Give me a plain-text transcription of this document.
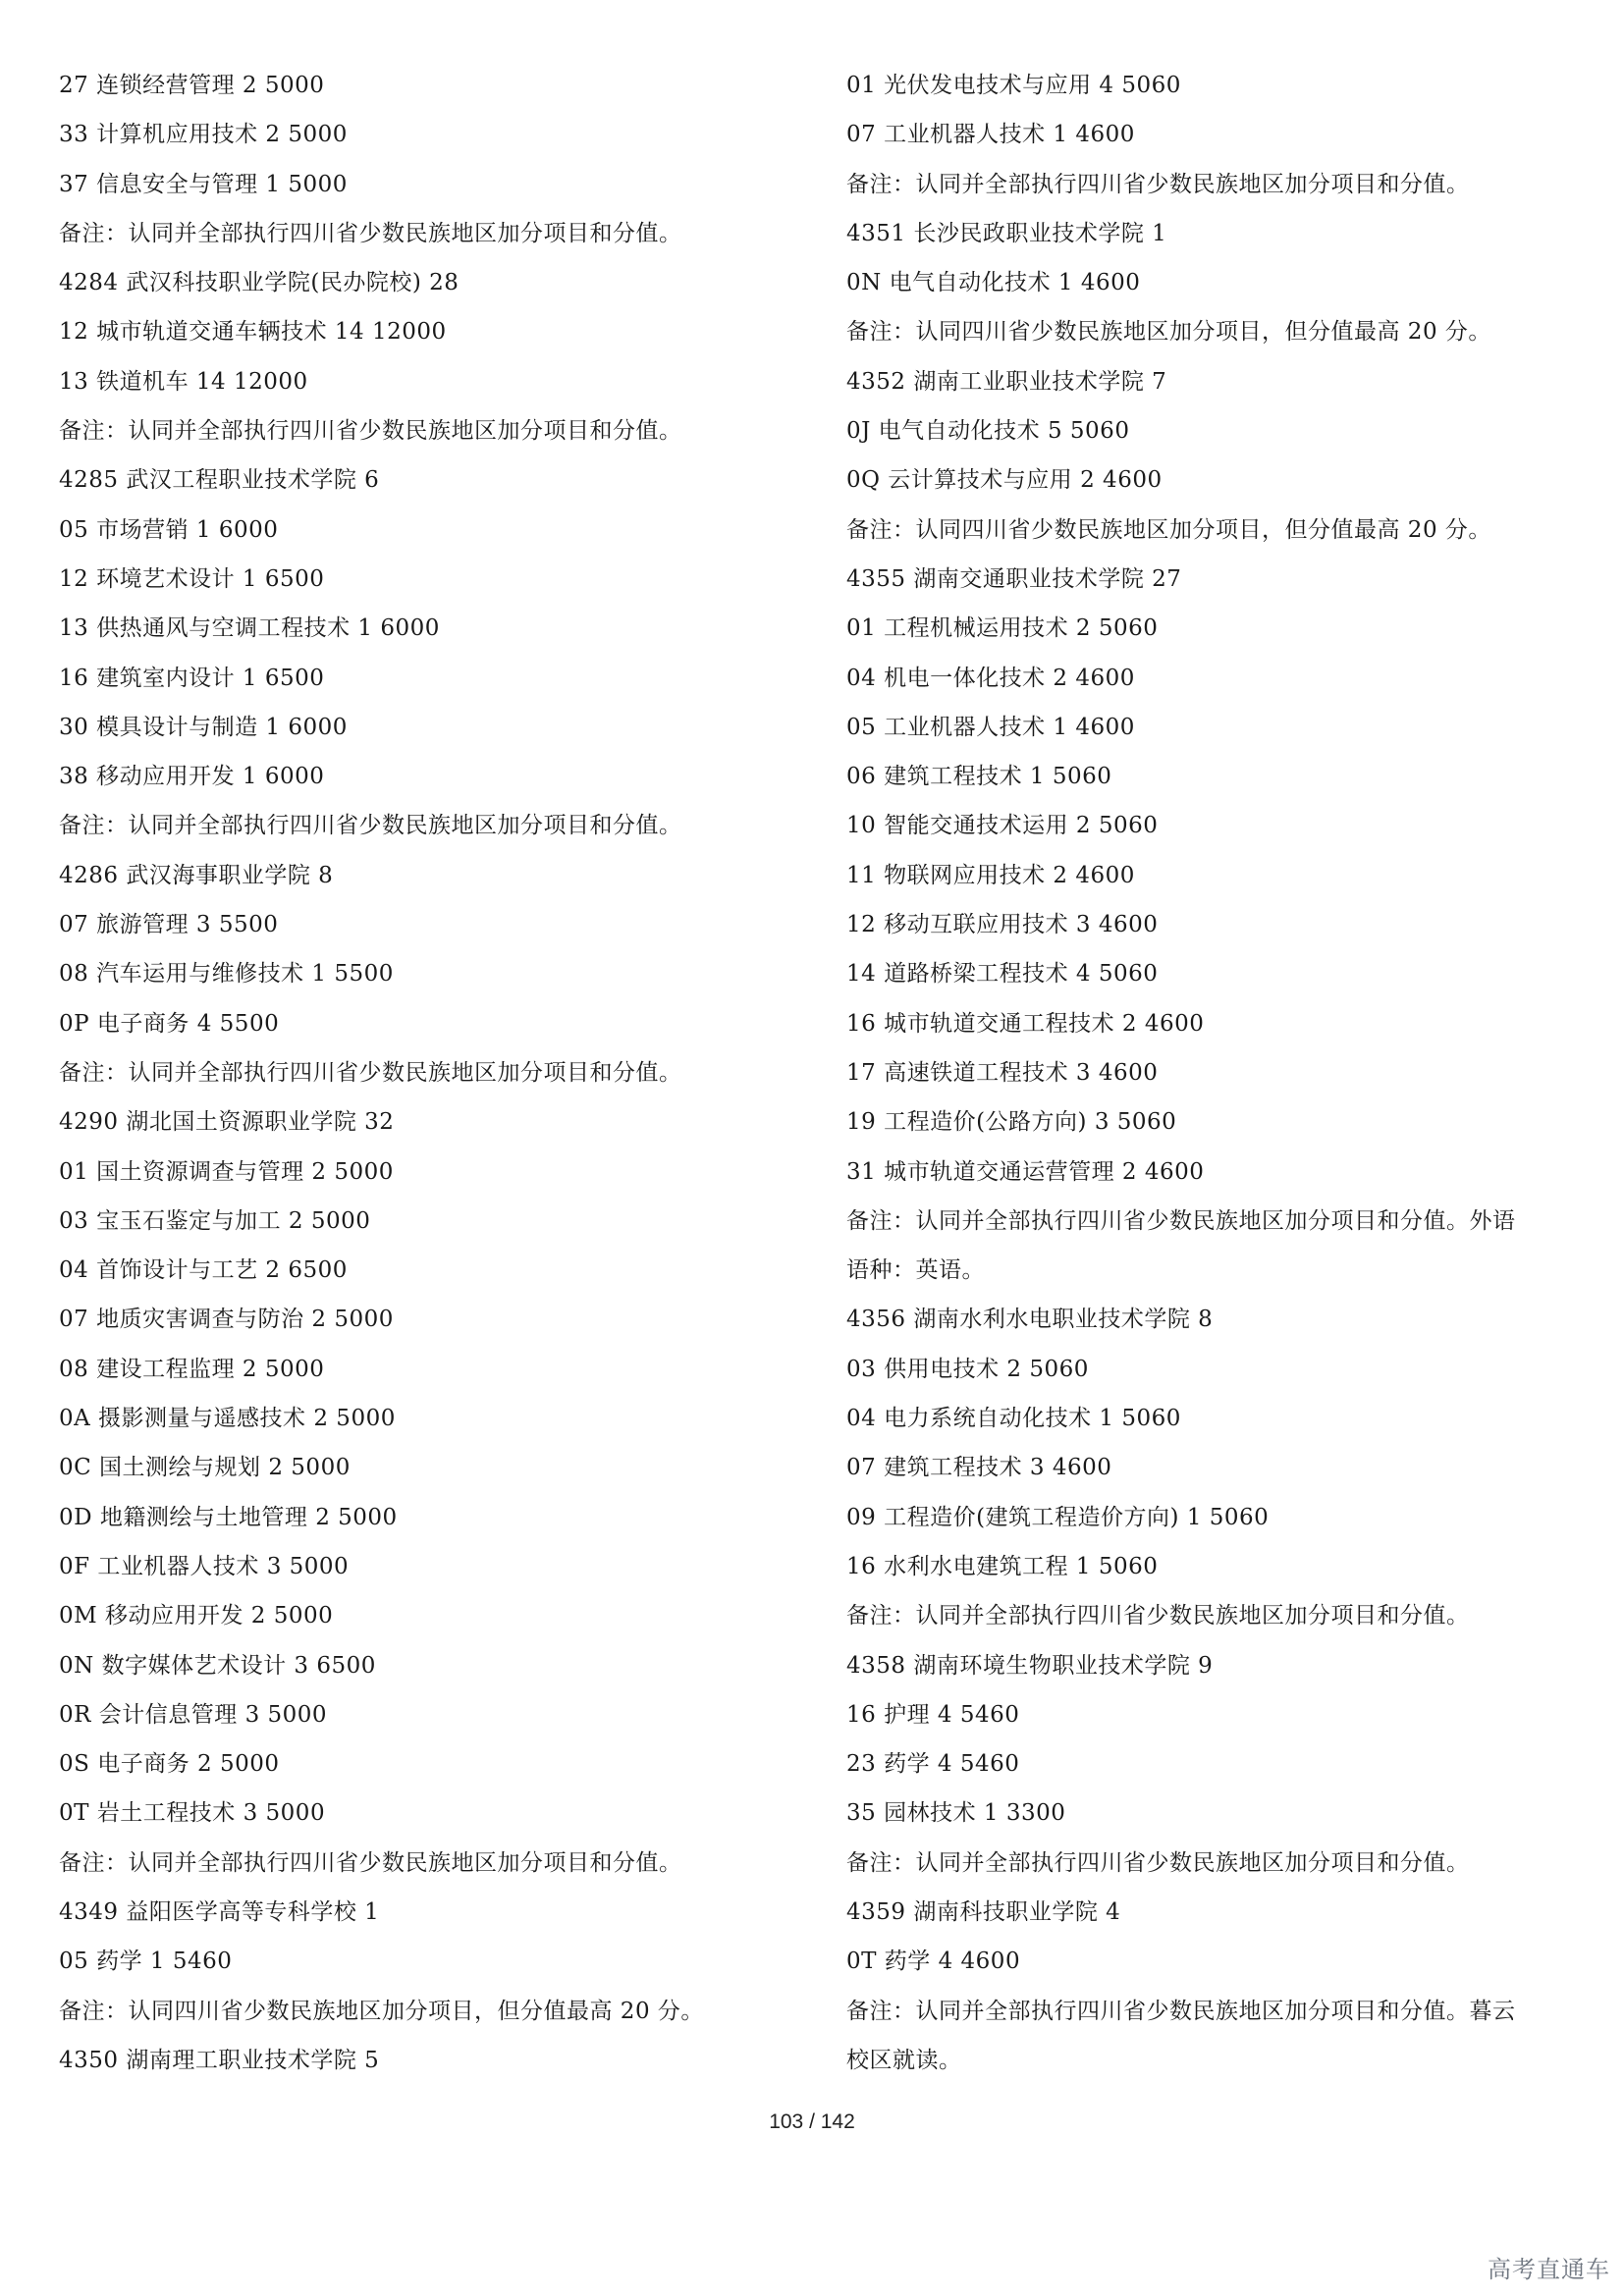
27 连锁经营管理 2 5000
33 计算机应用技术 2 5000
37 信息安全与管理 1 5000
备注：认同并全部执行四川省少数民族地区加分项目和分值。
4284 武汉科技职业学院(民办院校) 28
12 城市轨道交通车辆技术 14 12000
13 铁道机车 14 12000
备注：认同并全部执行四川省少数民族地区加分项目和分值。
4285 武汉工程职业技术学院 6
05 市场营销 1 6000
12 环境艺术设计 1 6500
13 供热通风与空调工程技术 1 6000
16 建筑室内设计 1 6500
30 模具设计与制造 1 6000
38 移动应用开发 1 6000
备注：认同并全部执行四川省少数民族地区加分项目和分值。
4286 武汉海事职业学院 8
07 旅游管理 3 5500
08 汽车运用与维修技术 1 5500
0P 电子商务 4 5500
备注：认同并全部执行四川省少数民族地区加分项目和分值。
4290 湖北国土资源职业学院 32
01 国土资源调查与管理 2 5000
03 宝玉石鉴定与加工 2 5000
04 首饰设计与工艺 2 6500
07 地质灾害调查与防治 2 5000
08 建设工程监理 2 5000
0A 摄影测量与遥感技术 2 5000
0C 国土测绘与规划 2 5000
0D 地籍测绘与土地管理 2 5000
0F 工业机器人技术 3 5000
0M 移动应用开发 2 5000
0N 数字媒体艺术设计 3 6500
0R 会计信息管理 3 5000
0S 电子商务 2 5000
0T 岩土工程技术 3 5000
备注：认同并全部执行四川省少数民族地区加分项目和分值。
4349 益阳医学高等专科学校 1
05 药学 1 5460
备注：认同四川省少数民族地区加分项目，但分值最高 20 分。
4350 湖南理工职业技术学院 5
01 光伏发电技术与应用 4 5060
07 工业机器人技术 1 4600
备注：认同并全部执行四川省少数民族地区加分项目和分值。
4351 长沙民政职业技术学院 1
0N 电气自动化技术 1 4600
备注：认同四川省少数民族地区加分项目，但分值最高 20 分。
4352 湖南工业职业技术学院 7
0J 电气自动化技术 5 5060
0Q 云计算技术与应用 2 4600
备注：认同四川省少数民族地区加分项目，但分值最高 20 分。
4355 湖南交通职业技术学院 27
01 工程机械运用技术 2 5060
04 机电一体化技术 2 4600
05 工业机器人技术 1 4600
06 建筑工程技术 1 5060
10 智能交通技术运用 2 5060
11 物联网应用技术 2 4600
12 移动互联应用技术 3 4600
14 道路桥梁工程技术 4 5060
16 城市轨道交通工程技术 2 4600
17 高速铁道工程技术 3 4600
19 工程造价(公路方向) 3 5060
31 城市轨道交通运营管理 2 4600
备注：认同并全部执行四川省少数民族地区加分项目和分值。外语
语种：英语。
4356 湖南水利水电职业技术学院 8
03 供用电技术 2 5060
04 电力系统自动化技术 1 5060
07 建筑工程技术 3 4600
09 工程造价(建筑工程造价方向) 1 5060
16 水利水电建筑工程 1 5060
备注：认同并全部执行四川省少数民族地区加分项目和分值。
4358 湖南环境生物职业技术学院 9
16 护理 4 5460
23 药学 4 5460
35 园林技术 1 3300
备注：认同并全部执行四川省少数民族地区加分项目和分值。
4359 湖南科技职业学院 4
0T 药学 4 4600
备注：认同并全部执行四川省少数民族地区加分项目和分值。暮云
校区就读。
103 / 142
高考直通车
